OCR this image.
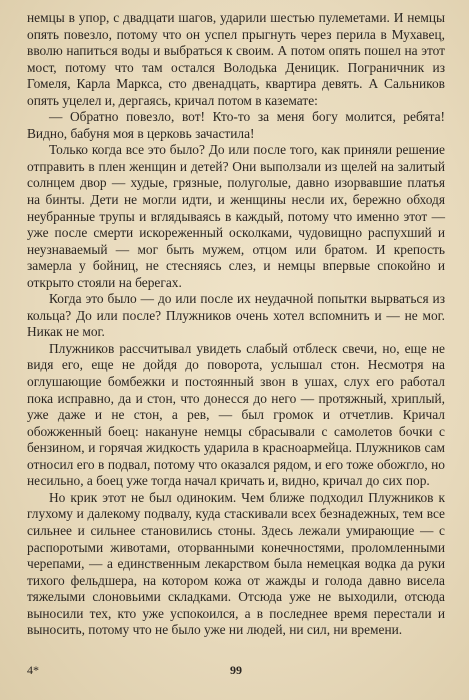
немцы в упор, с двадцати шагов, ударили шестью пулеметами. И немцы опять повезло, потому что он успел прыгнуть через перила в Мухавец, вволю напиться воды и выбраться к своим. А потом опять пошел на этот мост, потому что там остался Володька Деницик. Пограничник из Гомеля, Карла Маркса, сто двенадцать, квартира девять. А Сальников опять уцелел и, дергаясь, кричал потом в каземате:

— Обратно повезло, вот! Кто-то за меня богу молится, ребята! Видно, бабуня моя в церковь зачастила!

Только когда все это было? До или после того, как приняли решение отправить в плен женщин и детей? Они выползали из щелей на залитый солнцем двор — худые, грязные, полуголые, давно изорвавшие платья на бинты. Дети не могли идти, и женщины несли их, бережно обходя неубранные трупы и вглядываясь в каждый, потому что именно этот — уже после смерти искореженный осколками, чудовищно распухший и неузнаваемый — мог быть мужем, отцом или братом. И крепость замерла у бойниц, не стесняясь слез, и немцы впервые спокойно и открыто стояли на берегах.

Когда это было — до или после их неудачной попытки вырваться из кольца? До или после? Плужников очень хотел вспомнить и — не мог. Никак не мог.

Плужников рассчитывал увидеть слабый отблеск свечи, но, еще не видя его, еще не дойдя до поворота, услышал стон. Несмотря на оглушающие бомбежки и постоянный звон в ушах, слух его работал пока исправно, да и стон, что донесся до него — протяжный, хриплый, уже даже и не стон, а рев, — был громок и отчетлив. Кричал обожженный боец: накануне немцы сбрасывали с самолетов бочки с бензином, и горячая жидкость ударила в красноармейца. Плужников сам относил его в подвал, потому что оказался рядом, и его тоже обожгло, но несильно, а боец уже тогда начал кричать и, видно, кричал до сих пор.

Но крик этот не был одиноким. Чем ближе подходил Плужников к глухому и далекому подвалу, куда стаскивали всех безнадежных, тем все сильнее и сильнее становились стоны. Здесь лежали умирающие — с распоротыми животами, оторванными конечностями, проломленными черепами, — а единственным лекарством была немецкая водка да руки тихого фельдшера, на котором кожа от жажды и голода давно висела тяжелыми слоновьими складками. Отсюда уже не выходили, отсюда выносили тех, кто уже успокоился, а в последнее время перестали и выносить, потому что не было уже ни людей, ни сил, ни времени.

4*	99
